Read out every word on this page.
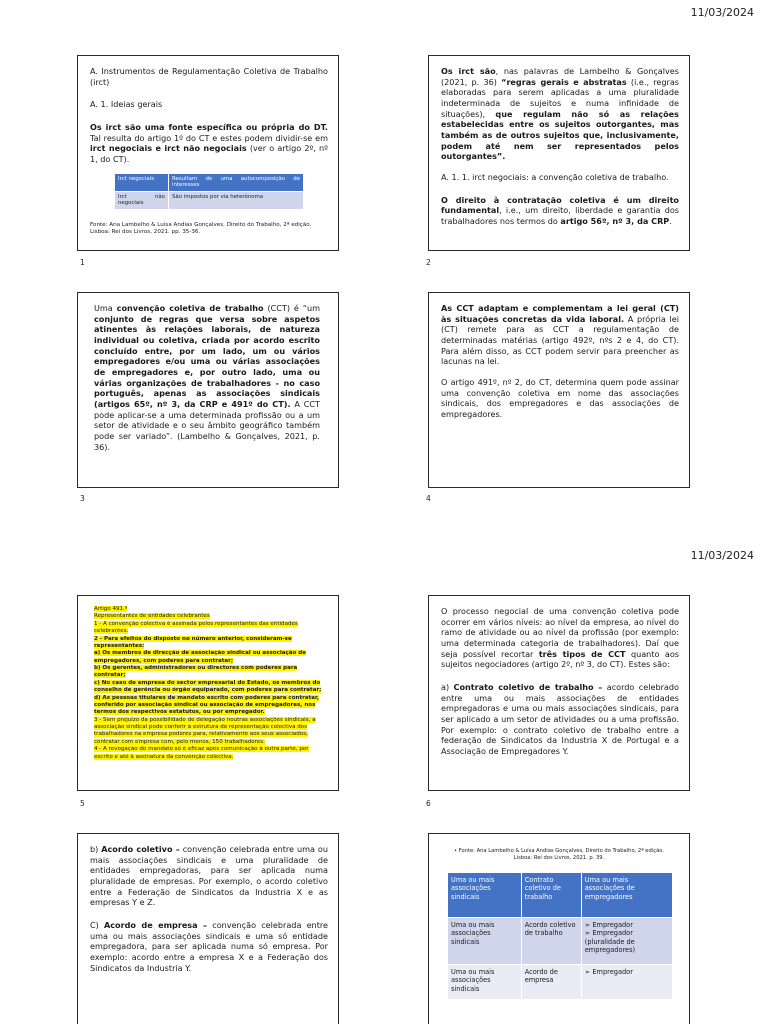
11/03/2024

A. Instrumentos de Regulamentação Coletiva de Trabalho (irct)

A. 1. Ideias gerais

Os irct são uma fonte específica ou própria do DT. Tal resulta do artigo 1º do CT e estes podem dividir-se em irct negociais e irct não negociais (ver o artigo 2º, nº 1, do CT).

Irct negociais	Resultam de uma autocomposição de interesses
Irct não negociais	São impostos por via heterónoma
Fonte: Ana Lambelho & Luísa Andias Gonçalves, Direito do Trabalho, 2ª edição. Lisboa: Rei dos Livros, 2021. pp. 35-36.
1

Os irct são, nas palavras de Lambelho & Gonçalves (2021, p. 36) “regras gerais e abstratas (i.e., regras elaboradas para serem aplicadas a uma pluralidade indeterminada de sujeitos e numa infinidade de situações), que regulam não só as relações estabelecidas entre os sujeitos outorgantes, mas também as de outros sujeitos que, inclusivamente, podem até nem ser representados pelos outorgantes”.

A. 1. 1. irct negociais: a convenção coletiva de trabalho.

O direito à contratação coletiva é um direito fundamental, i.e., um direito, liberdade e garantia dos trabalhadores nos termos do artigo 56º, nº 3, da CRP.

2

Uma convenção coletiva de trabalho (CCT) é “um conjunto de regras que versa sobre aspetos atinentes às relações laborais, de natureza individual ou coletiva, criada por acordo escrito concluído entre, por um lado, um ou vários empregadores e/ou uma ou várias associações de empregadores e, por outro lado, uma ou várias organizações de trabalhadores - no caso português, apenas as associações sindicais (artigos 65º, nº 3, da CRP e 491º do CT). A CCT pode aplicar-se a uma determinada profissão ou a um setor de atividade e o seu âmbito geográfico também pode ser variado”. (Lambelho & Gonçalves, 2021, p. 36).

3

As CCT adaptam e complementam a lei geral (CT) às situações concretas da vida laboral. A própria lei (CT) remete para as CCT a regulamentação de determinadas matérias (artigo 492º, nºs 2 e 4, do CT). Para além disso, as CCT podem servir para preencher as lacunas na lei.

O artigo 491º, nº 2, do CT, determina quem pode assinar uma convenção coletiva em nome das associações sindicais, dos empregadores e das associações de empregadores.

4
11/03/2024

Artigo 491.º

Representantes de entidades celebrantes

1 - A convenção colectiva é assinada pelos representantes das entidades celebrantes.

2 - Para efeitos do disposto no número anterior, consideram-se representantes:

a) Os membros de direcção de associação sindical ou associação de empregadores, com poderes para contratar;

b) Os gerentes, administradores ou directores com poderes para contratar;

c) No caso de empresa do sector empresarial do Estado, os membros do conselho de gerência ou órgão equiparado, com poderes para contratar;

d) As pessoas titulares de mandato escrito com poderes para contratar, conferido por associação sindical ou associação de empregadores, nos termos dos respectivos estatutos, ou por empregador.

3 - Sem prejuízo da possibilidade de delegação noutras associações sindicais, a associação sindical pode conferir à estrutura de representação colectiva dos trabalhadores na empresa poderes para, relativamente aos seus associados, contratar com empresa com, pelo menos, 150 trabalhadores.

4 - A revogação do mandato só é eficaz após comunicação à outra parte, por escrito e até à assinatura da convenção colectiva.

5

O processo negocial de uma convenção coletiva pode ocorrer em vários níveis: ao nível da empresa, ao nível do ramo de atividade ou ao nível da profissão (por exemplo: uma determinada categoria de trabalhadores). Daí que seja possível recortar três tipos de CCT quanto aos sujeitos negociadores (artigo 2º, nº 3, do CT). Estes são:

a) Contrato coletivo de trabalho – acordo celebrado entre uma ou mais associações de entidades empregadoras e uma ou mais associações sindicais, para ser aplicado a um setor de atividades ou a uma profissão. Por exemplo: o contrato coletivo de trabalho entre a federação de Sindicatos da Industria X de Portugal e a Associação de Empregadores Y.

6

b) Acordo coletivo – convenção celebrada entre uma ou mais associações sindicais e uma pluralidade de entidades empregadoras, para ser aplicada numa pluralidade de empresas. Por exemplo, o acordo coletivo entre a Federação de Sindicatos da Industria X e as empresas Y e Z.

C) Acordo de empresa – convenção celebrada entre uma ou mais associações sindicais e uma só entidade empregadora, para ser aplicada numa só empresa. Por exemplo: acordo entre a empresa X e a Federação dos Sindicatos da Industria Y.

• Fonte: Ana Lambelho & Luísa Andias Gonçalves, Direito do Trabalho, 2ª edição. Lisboa: Rei dos Livros, 2021. p. 39.
Uma ou mais associações sindicais	Contrato coletivo de trabalho	Uma ou mais associações de empregadores
Uma ou mais associações sindicais	Acordo coletivo de trabalho	➢ Empregador
➢ Empregador
(pluralidade de empregadores)
Uma ou mais associações sindicais	Acordo de empresa	➢ Empregador
